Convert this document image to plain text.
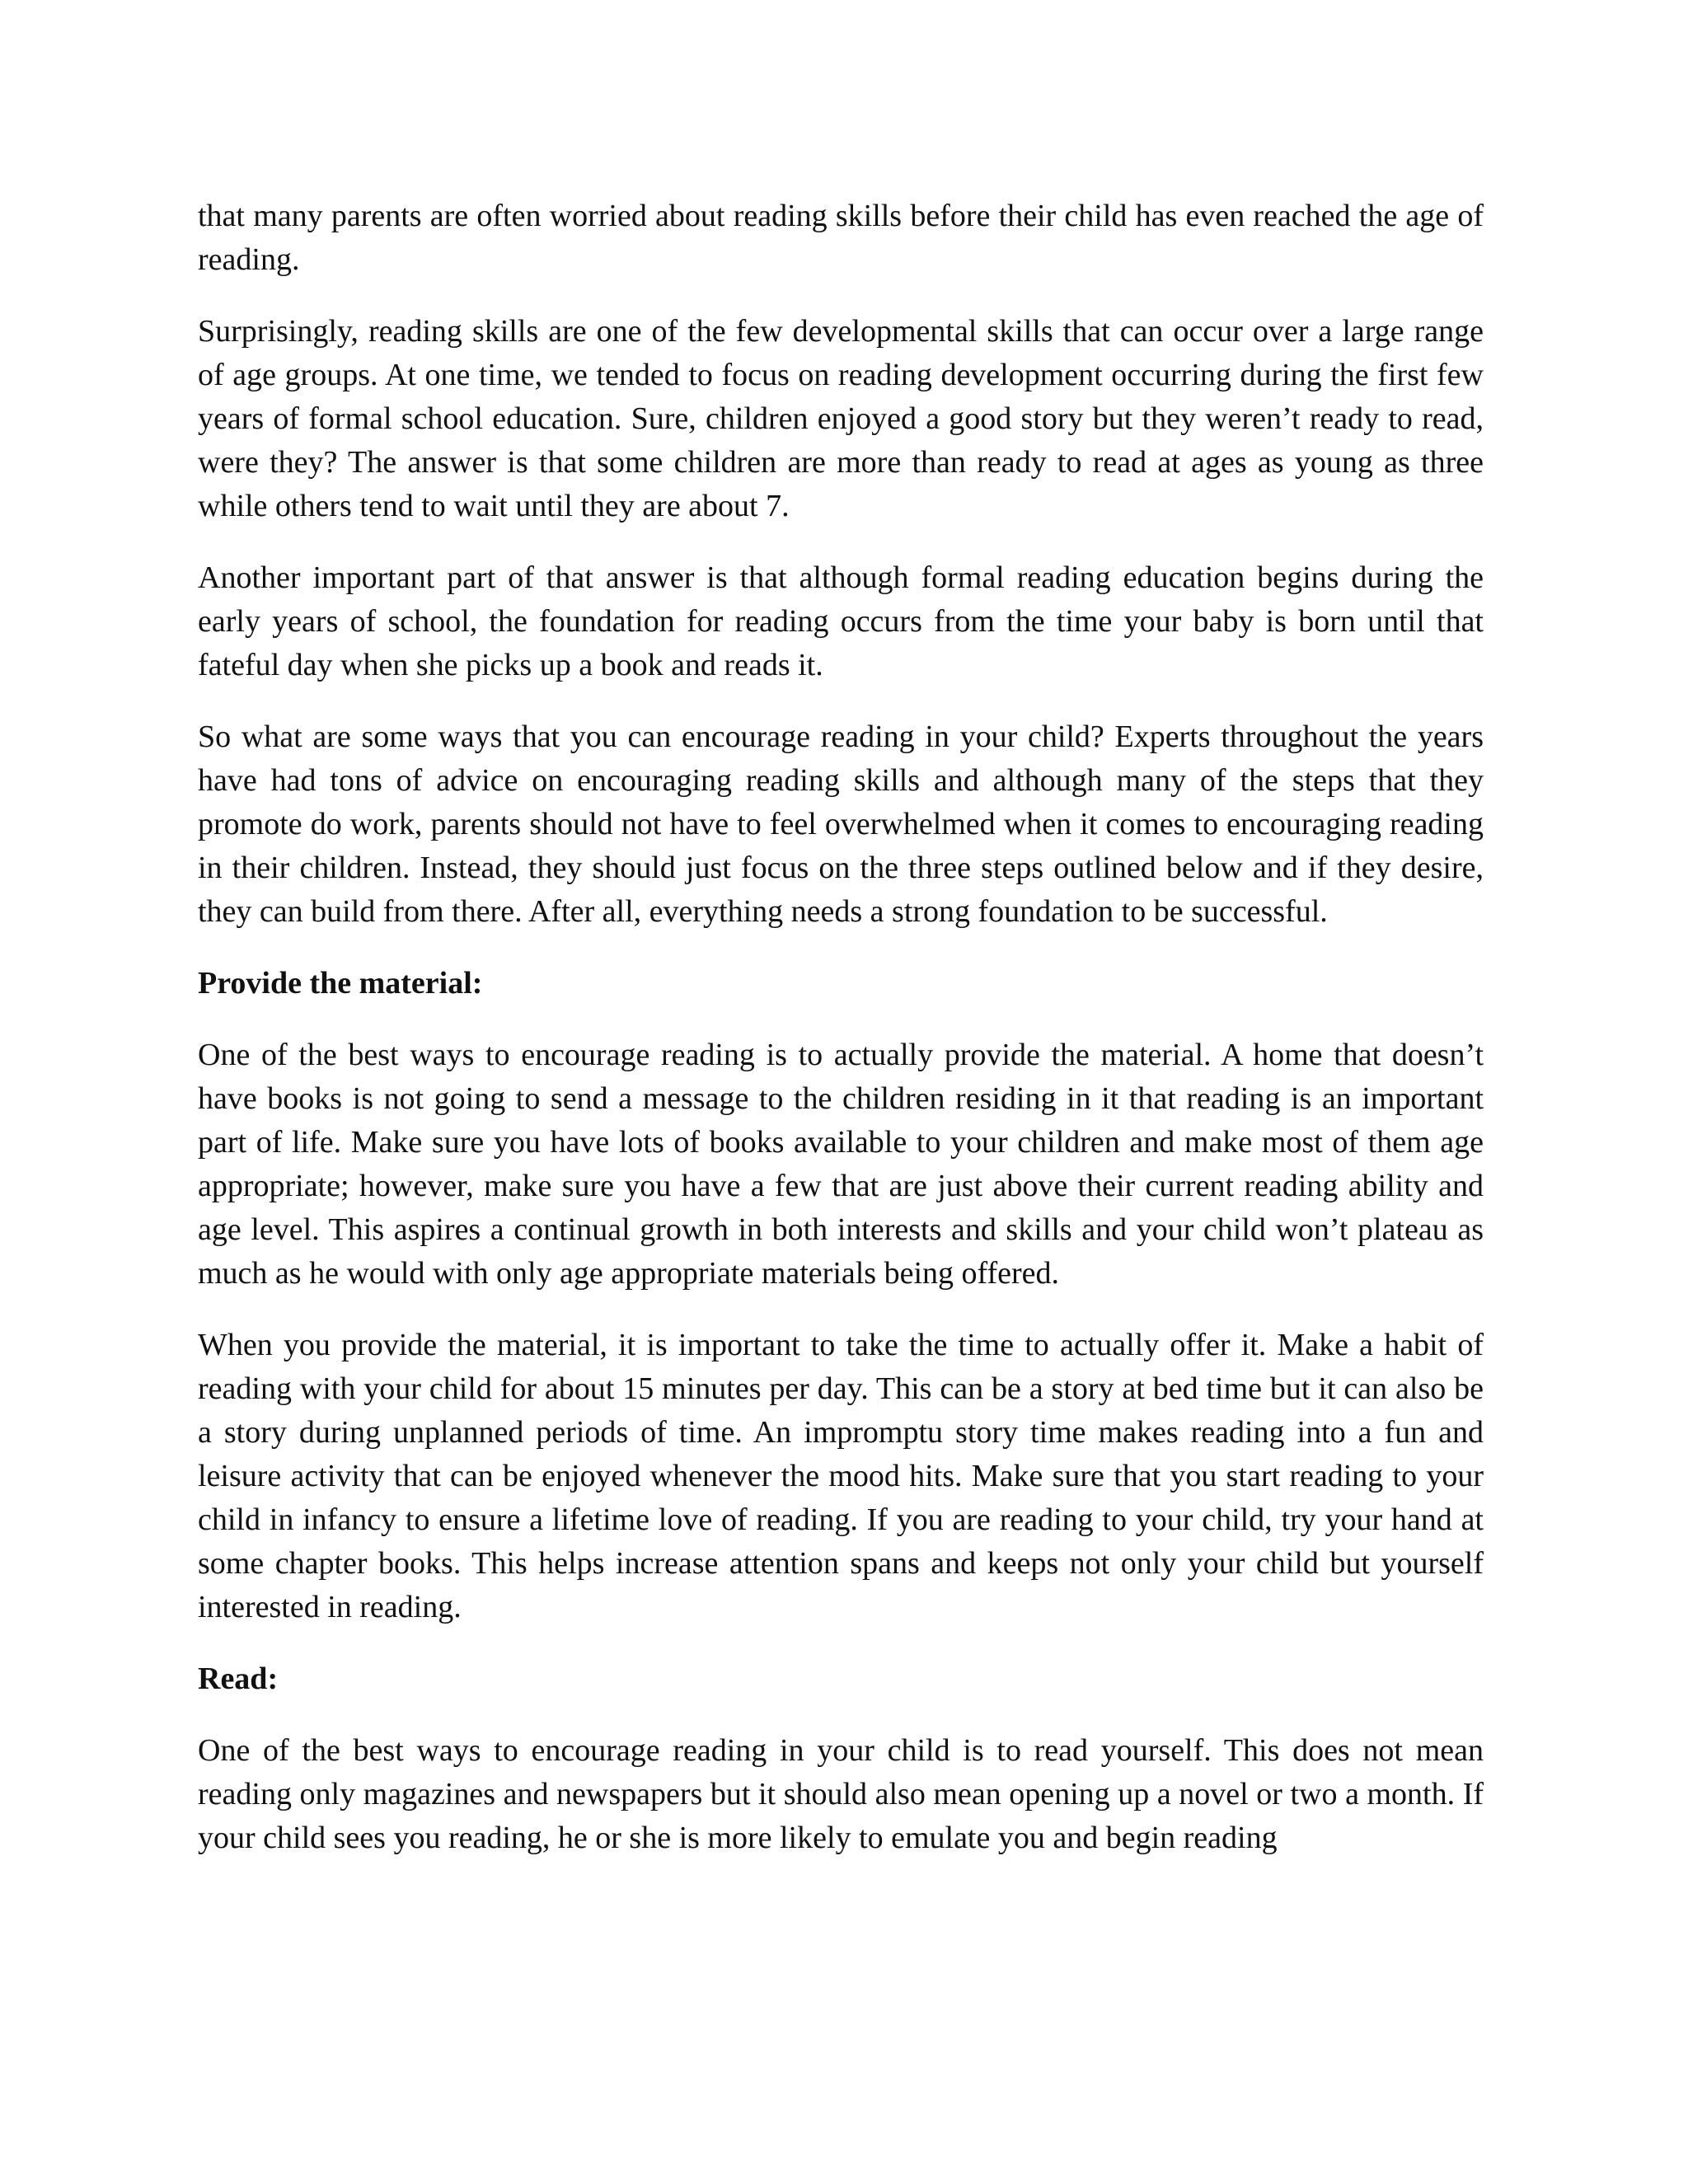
that many parents are often worried about reading skills before their child has even reached the age of reading.

Surprisingly, reading skills are one of the few developmental skills that can occur over a large range of age groups. At one time, we tended to focus on reading development occurring during the first few years of formal school education. Sure, children enjoyed a good story but they weren’t ready to read, were they? The answer is that some children are more than ready to read at ages as young as three while others tend to wait until they are about 7.

Another important part of that answer is that although formal reading education begins during the early years of school, the foundation for reading occurs from the time your baby is born until that fateful day when she picks up a book and reads it.

So what are some ways that you can encourage reading in your child? Experts throughout the years have had tons of advice on encouraging reading skills and although many of the steps that they promote do work, parents should not have to feel overwhelmed when it comes to encouraging reading in their children. Instead, they should just focus on the three steps outlined below and if they desire, they can build from there. After all, everything needs a strong foundation to be successful.

Provide the material:

One of the best ways to encourage reading is to actually provide the material. A home that doesn’t have books is not going to send a message to the children residing in it that reading is an important part of life. Make sure you have lots of books available to your children and make most of them age appropriate; however, make sure you have a few that are just above their current reading ability and age level. This aspires a continual growth in both interests and skills and your child won’t plateau as much as he would with only age appropriate materials being offered.

When you provide the material, it is important to take the time to actually offer it. Make a habit of reading with your child for about 15 minutes per day. This can be a story at bed time but it can also be a story during unplanned periods of time. An impromptu story time makes reading into a fun and leisure activity that can be enjoyed whenever the mood hits. Make sure that you start reading to your child in infancy to ensure a lifetime love of reading. If you are reading to your child, try your hand at some chapter books. This helps increase attention spans and keeps not only your child but yourself interested in reading.

Read:

One of the best ways to encourage reading in your child is to read yourself. This does not mean reading only magazines and newspapers but it should also mean opening up a novel or two a month. If your child sees you reading, he or she is more likely to emulate you and begin reading
